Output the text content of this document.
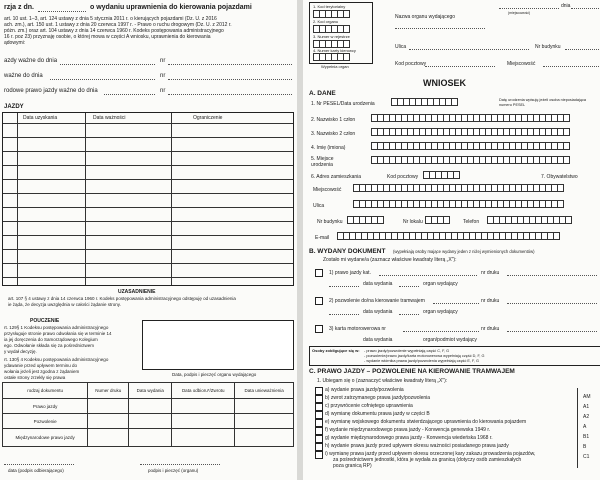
rzja z dn.	o wydaniu uprawnienia do kierowania pojazdami
art. 10 ust. 1–3, art. 124 ustawy z dnia 5 stycznia 2011 r. o kierujących pojazdami (Dz. U. z 2016
ach. zm.), art. 150 ust. 1 ustawy z dnia 20 czerwca 1997 r. - Prawo o ruchu drogowym (Dz. U. z 2012 r.
póżn. zm.) oraz art. 104 ustawy z dnia 14 czerwca 1960 r. Kodeks postępowania administracyjnego
16 r. poz 23) przyznaję osobie, o której mowa w części A wniosku, uprawnienia do kierowania
ądowymi:
azdy ważne do dnia	nr
ważne do dnia	nr
rodowe prawo jazdy ważne do dnia	nr
JAZDY
Data uzyskania	Data ważności	Ograniczenie
UZASADNIENIE
art. 107 § 4 ustawy z dnia 14 czerwca 1960 r. Kodeks postępowania administracyjnego odstępuję od uzasadnienia
ie żąda, że decyzja uwzględnia w całości żądanie strony.
POUCZENIE
rt. 129§ 1 Kodeksu postępowania administracyjnego
przysługuje stronie prawo odwołania się w terminie 14
ia jej doręczenia do Samorządowego Kolegium
ego. Odwołanie składa się za pośrednictwem
y wydał decyzję.
rt. 130§ 4 Kodeksu postępowania administracyjnego
ydawanie przed upływem terminu do
wołania jeżeli jest zgodna z żądaniem
ostałe strony zrzekły się prawa
Data, podpis i pieczęć organu wydającego
rodzaj dokumentu	Numer druku	Data wydania	Data odbioru*/Zwrotu	Data unieważnienia
Prawo jazdy				
Pozwolenie				
Międzynarodowe prawo jazdy				
data (podpis odbierającego)	podpis i pieczęć (organu)
1. Kod terytorialny
2. Kod organu
3. Numer w rejestrze
4. Numer karty kierowcy
Wypełnia organ
Nazwa organu wydającego
(miejscowość)
dnia
Ulica	Nr budynku
Kod pocztowy	Miejscowość
WNIOSEK
A. DANE
1. Nr PESEL/Data urodzenia
Datę urodzenia wpisuję jeżeli osoba nieposiadająca numeru PESEL
2. Nazwisko 1 człon
3. Nazwisko 2 człon
4. Imię (imiona)
5. Miejsce urodzenia
6. Adres zamieszkania	Kod pocztowy	7. Obywatelstwo
Miejscowość
Ulica
Nr budynku	Nr lokalu	Telefon
E-mail
B. WYDANY DOKUMENT (wypełniają osoby mające wydany jeden z niżej wymienionych dokumentów)
Zostało mi wydane/a (zaznacz właściwe kwadraty literą „X"):
1) prawo jazdy kat.	nr druku
data wydania	organ wydający
2) pozwolenie do/na kierowanie tramwajem	nr druku
data wydania	organ wydający
3) karta motorowerowa nr	nr druku
data wydania	organ/podmiot wydający
Osoby zobligujące się w: - prawo jazdy/pozwolenie wypełniają część C, F, G
- pozwolenie/prawo jazdy/karta motorowerowa wypełniają część D, F, G
- wydanie wtórnika prawa jazdy/pozwolenia wypełniają część E, F, G
C. PRAWO JAZDY – POZWOLENIE NA KIEROWANIE TRAMWAJEM
1. Ubiegam się o (zaznaczyć właściwe kwadraty literą „X"):
a) wydanie prawa jazdy/pozwolenia
b) zwrot zatrzymanego prawa jazdy/pozwolenia
c) przywrócenie cofniętego uprawnienia
d) wymianę dokumentu prawa jazdy w części B
e) wymianę wojskowego dokumentu stwierdzającego uprawnienia do kierowania pojazdem
f) wydanie międzynarodowego prawa jazdy - Konwencja genewska 1949 r.
g) wydanie międzynarodowego prawa jazdy - Konwencja wiedeńska 1968 r.
h) wydanie prawa jazdy przed upływem okresu ważności posiadanego prawa jazdy
i) wymianę prawa jazdy przed upływem okresu orzeczonej kary zakazu prowadzenia pojazdów,
za pośrednictwem jednostki, która je wydała za granicą (dotyczy osób zamieszkałych
poza granicą RP)
AM
A1
A2
A
B1
B
C1
